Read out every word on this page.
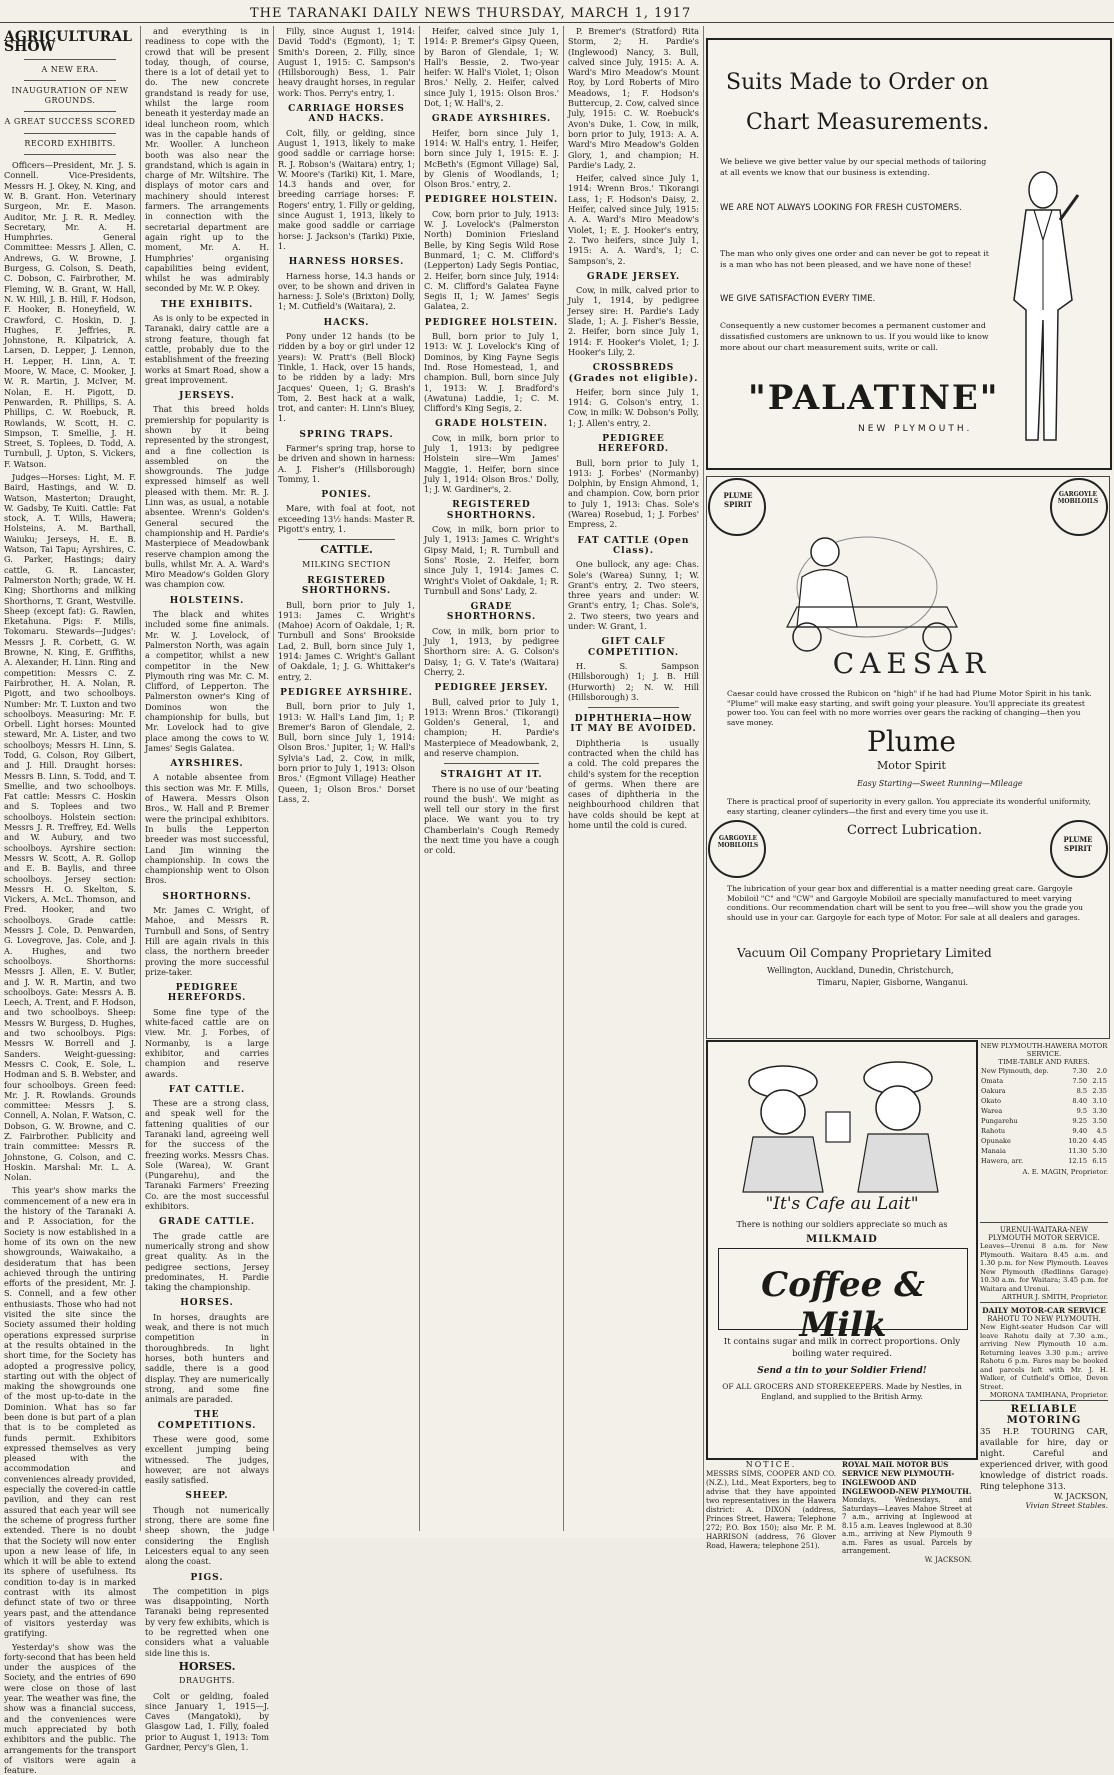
THE TARANAKI DAILY NEWS THURSDAY, MARCH 1, 1917
AGRICULTURAL SHOW
A NEW ERA.
INAUGURATION OF NEW GROUNDS.
A GREAT SUCCESS SCORED
RECORD EXHIBITS.

Officers—President, Mr. J. S. Connell. Vice-Presidents, Messrs H. J. Okey, N. King, and W. B. Grant. Hon. Veterinary Surgeon, Mr. E. Mason. Auditor, Mr. J. R. R. Medley. Secretary, Mr. A. H. Humphries. General Committee: Messrs J. Allen, C. Andrews, G. W. Browne, J. Burgess, G. Colson, S. Death, C. Dobson, C. Fairbrother, M. Fleming, W. B. Grant, W. Hall, N. W. Hill, J. B. Hill, F. Hodson, F. Hooker, B. Honeyfield, W. Crawford, C. Hoskin, D. J. Hughes, F. Jeffries, R. Johnstone, R. Kilpatrick, A. Larsen, D. Lepper, J. Lennon, H. Lepper, H. Linn, A. T. Moore, W. Mace, C. Mooker, J. W. R. Martin, J. McIver, M. Nolan, E. H. Pigott, D. Penwarden, R. Phillips, S. A. Phillips, C. W. Roebuck, R. Rowlands, W. Scott, H. C. Simpson, T. Smellie, J. H. Street, S. Toplees, D. Todd, A. Turnbull, J. Upton, S. Vickers, F. Watson.

Judges—Horses: Light, M. F. Baird, Hastings, and W. D. Watson, Masterton; Draught, W. Gadsby, Te Kuiti. Cattle: Fat stock, A. T. Wills, Hawera; Holsteins, A. M. Barthall, Waiuku; Jerseys, H. E. B. Watson, Tai Tapu; Ayrshires, C. G. Parker, Hastings; dairy cattle, G. R. Lancaster, Palmerston North; grade, W. H. King; Shorthorns and milking Shorthorns, T. Grant, Westville. Sheep (except fat): G. Rawlen, Eketahuna. Pigs: F. Mills, Tokomaru. Stewards—Judges': Messrs J. R. Corbett, G. W. Browne, N. King, E. Griffiths, A. Alexander, H. Linn. Ring and competition: Messrs C. Z. Fairbrother, H. A. Nolan, R. Pigott, and two schoolboys. Number: Mr. T. Luxton and two schoolboys. Measuring: Mr. F. Orbell. Light horses: Mounted steward, Mr. A. Lister, and two schoolboys; Messrs H. Linn, S. Todd, G. Colson, Roy Gilbert, and J. Hill. Draught horses: Messrs B. Linn, S. Todd, and T. Smellie, and two schoolboys. Fat cattle: Messrs C. Hoskin and S. Toplees and two schoolboys. Holstein section: Messrs J. R. Treffrey, Ed. Wells and W. Aubury, and two schoolboys. Ayrshire section: Messrs W. Scott, A. R. Gollop and E. B. Baylis, and three schoolboys. Jersey section: Messrs H. O. Skelton, S. Vickers, A. McL. Thomson, and Fred. Hooker, and two schoolboys. Grade cattle: Messrs J. Cole, D. Penwarden, G. Lovegrove, Jas. Cole, and J. A. Hughes, and two schoolboys. Shorthorns: Messrs J. Allen, E. V. Butler, and J. W. R. Martin, and two schoolboys. Gate: Messrs A. B. Leech, A. Trent, and F. Hodson, and two schoolboys. Sheep: Messrs W. Burgess, D. Hughes, and two schoolboys. Pigs: Messrs W. Borrell and J. Sanders. Weight-guessing: Messrs C. Cook, E. Sole, L. Hodman and S. B. Webster, and four schoolboys. Green feed: Mr. J. R. Rowlands. Grounds committee: Messrs J. S. Connell, A. Nolan, F. Watson, C. Dobson, G. W. Browne, and C. Z. Fairbrother. Publicity and train committee: Messrs R. Johnstone, G. Colson, and C. Hoskin. Marshal: Mr. L. A. Nolan.

This year's show marks the commencement of a new era in the history of the Taranaki A. and P. Association, for the Society is now established in a home of its own on the new showgrounds, Waiwakaiho, a desideratum that has been achieved through the untiring efforts of the president, Mr. J. S. Connell, and a few other enthusiasts. Those who had not visited the site since the Society assumed their holding operations expressed surprise at the results obtained in the short time, for the Society has adopted a progressive policy, starting out with the object of making the showgrounds one of the most up-to-date in the Dominion. What has so far been done is but part of a plan that is to be completed as funds permit. Exhibitors expressed themselves as very pleased with the accommodation and conveniences already provided, especially the covered-in cattle pavilion, and they can rest assured that each year will see the scheme of progress further extended. There is no doubt that the Society will now enter upon a new lease of life, in which it will be able to extend its sphere of usefulness. Its condition to-day is in marked contrast with its almost defunct state of two or three years past, and the attendance of visitors yesterday was gratifying.

Yesterday's show was the forty-second that has been held under the auspices of the Society, and the entries of 690 were close on those of last year. The weather was fine, the show was a financial success, and the conveniences were much appreciated by both exhibitors and the public. The arrangements for the transport of visitors were again a feature.

and everything is in readiness to cope with the crowd that will be present today, though, of course, there is a lot of detail yet to do. The new concrete grandstand is ready for use, whilst the large room beneath it yesterday made an ideal luncheon room, which was in the capable hands of Mr. Wooller. A luncheon booth was also near the grandstand, which is again in charge of Mr. Wiltshire. The displays of motor cars and machinery should interest farmers. The arrangements in connection with the secretarial department are again right up to the moment, Mr. A. H. Humphries' organising capabilities being evident, whilst he was admirably seconded by Mr. W. P. Okey.

THE EXHIBITS.

As is only to be expected in Taranaki, dairy cattle are a strong feature, though fat cattle, probably due to the establishment of the freezing works at Smart Road, show a great improvement.

JERSEYS.

That this breed holds premiership for popularity is shown by it being represented by the strongest, and a fine collection is assembled on the showgrounds. The judge expressed himself as well pleased with them. Mr. R. J. Linn was, as usual, a notable absentee. Wrenn's Golden's General secured the championship and H. Pardie's Masterpiece of Meadowbank reserve champion among the bulls, whilst Mr. A. A. Ward's Miro Meadow's Golden Glory was champion cow.

HOLSTEINS.

The black and whites included some fine animals. Mr. W. J. Lovelock, of Palmerston North, was again a competitor, whilst a new competitor in the New Plymouth ring was Mr. C. M. Clifford, of Lepperton. The Palmerston owner's King of Dominos won the championship for bulls, but Mr. Lovelock had to give place among the cows to W. James' Segis Galatea.

AYRSHIRES.

A notable absentee from this section was Mr. F. Mills, of Hawera. Messrs Olson Bros., W. Hall and P. Bremer were the principal exhibitors. In bulls the Lepperton breeder was most successful, Land Jim winning the championship. In cows the championship went to Olson Bros.

SHORTHORNS.

Mr. James C. Wright, of Mahoe, and Messrs R. Turnbull and Sons, of Sentry Hill are again rivals in this class, the northern breeder proving the more successful prize-taker.

PEDIGREE HEREFORDS.

Some fine type of the white-faced cattle are on view. Mr. J. Forbes, of Normanby, is a large exhibitor, and carries champion and reserve awards.

FAT CATTLE.

These are a strong class, and speak well for the fattening qualities of our Taranaki land, agreeing well for the success of the freezing works. Messrs Chas. Sole (Warea), W. Grant (Pungarehu), and the Taranaki Farmers' Freezing Co. are the most successful exhibitors.

GRADE CATTLE.

The grade cattle are numerically strong and show great quality. As in the pedigree sections, Jersey predominates, H. Pardie taking the championship.

HORSES.

In horses, draughts are weak, and there is not much competition in thoroughbreds. In light horses, both hunters and saddle, there is a good display. They are numerically strong, and some fine animals are paraded.

THE COMPETITIONS.

These were good, some excellent jumping being witnessed. The judges, however, are not always easily satisfied.

SHEEP.

Though not numerically strong, there are some fine sheep shown, the judge considering the English Leicesters equal to any seen along the coast.

PIGS.

The competition in pigs was disappointing, North Taranaki being represented by very few exhibits, which is to be regretted when one considers what a valuable side line this is.

HORSES.
DRAUGHTS.

Colt or gelding, foaled since January 1, 1915—J. Caves (Mangatoki), by Glasgow Lad, 1. Filly, foaled prior to August 1, 1913: Tom Gardner, Percy's Glen, 1.

Filly, since August 1, 1914: David Todd's (Egmont), 1; T. Smith's Doreen, 2. Filly, since August 1, 1915: C. Sampson's (Hillsborough) Bess, 1. Pair heavy draught horses, in regular work: Thos. Perry's entry, 1.

CARRIAGE HORSES AND HACKS.

Colt, filly, or gelding, since August 1, 1913, likely to make good saddle or carriage horse: R. J. Robson's (Waitara) entry, 1; W. Moore's (Tariki) Kit, 1. Mare, 14.3 hands and over, for breeding carriage horses: F. Rogers' entry, 1. Filly or gelding, since August 1, 1913, likely to make good saddle or carriage horse: J. Jackson's (Tariki) Pixie, 1.

HARNESS HORSES.

Harness horse, 14.3 hands or over, to be shown and driven in harness: J. Sole's (Brixton) Dolly, 1; M. Cutfield's (Waitara), 2.

HACKS.

Pony under 12 hands (to be ridden by a boy or girl under 12 years): W. Pratt's (Bell Block) Tinkle, 1. Hack, over 15 hands, to be ridden by a lady: Mrs Jacques' Queen, 1; G. Brash's Tom, 2. Best hack at a walk, trot, and canter: H. Linn's Bluey, 1.

SPRING TRAPS.

Farmer's spring trap, horse to be driven and shown in harness: A. J. Fisher's (Hillsborough) Tommy, 1.

PONIES.

Mare, with foal at foot, not exceeding 13½ hands: Master R. Pigott's entry, 1.

CATTLE.
MILKING SECTION
REGISTERED SHORTHORNS.

Bull, born prior to July 1, 1913: James C. Wright's (Mahoe) Acorn of Oakdale, 1; R. Turnbull and Sons' Brookside Lad, 2. Bull, born since July 1, 1914: James C. Wright's Gallant of Oakdale, 1; J. G. Whittaker's entry, 2.

PEDIGREE AYRSHIRE.

Bull, born prior to July 1, 1913: W. Hall's Land Jim, 1; P. Bremer's Baron of Glendale, 2. Bull, born since July 1, 1914: Olson Bros.' Jupiter, 1; W. Hall's Sylvia's Lad, 2. Cow, in milk, born prior to July 1, 1913: Olson Bros.' (Egmont Village) Heather Queen, 1; Olson Bros.' Dorset Lass, 2.

Heifer, calved since July 1, 1914: P. Bremer's Gipsy Queen, by Baron of Glendale, 1; W. Hall's Bessie, 2. Two-year heifer: W. Hall's Violet, 1; Olson Bros.' Nelly, 2. Heifer, calved since July 1, 1915: Olson Bros.' Dot, 1; W. Hall's, 2.

GRADE AYRSHIRES.

Heifer, born since July 1, 1914: W. Hall's entry, 1. Heifer, born since July 1, 1915: E. J. McBeth's (Egmont Village) Sal, by Glenis of Woodlands, 1; Olson Bros.' entry, 2.

PEDIGREE HOLSTEIN.

Cow, born prior to July, 1913: W. J. Lovelock's (Palmerston North) Dominion Friesland Belle, by King Segis Wild Rose Bunmard, 1; C. M. Clifford's (Lepperton) Lady Segis Pontiac, 2. Heifer, born since July, 1914: C. M. Clifford's Galatea Fayne Segis II, 1; W. James' Segis Galatea, 2.

PEDIGREE HOLSTEIN.

Bull, born prior to July 1, 1913: W. J. Lovelock's King of Dominos, by King Fayne Segis Ind. Rose Homestead, 1, and champion. Bull, born since July 1, 1913: W. J. Bradford's (Awatuna) Laddie, 1; C. M. Clifford's King Segis, 2.

GRADE HOLSTEIN.

Cow, in milk, born prior to July 1, 1913: by pedigree Holstein sire—Wm James' Maggie, 1. Heifer, born since July 1, 1914: Olson Bros.' Dolly, 1; J. W. Gardiner's, 2.

REGISTERED SHORTHORNS.

Cow, in milk, born prior to July 1, 1913: James C. Wright's Gipsy Maid, 1; R. Turnbull and Sons' Rosie, 2. Heifer, born since July 1, 1914: James C. Wright's Violet of Oakdale, 1; R. Turnbull and Sons' Lady, 2.

GRADE SHORTHORNS.

Cow, in milk, born prior to July 1, 1913, by pedigree Shorthorn sire: A. G. Colson's Daisy, 1; G. V. Tate's (Waitara) Cherry, 2.

PEDIGREE JERSEY.

Bull, calved prior to July 1, 1913: Wrenn Bros.' (Tikorangi) Golden's General, 1, and champion; H. Pardie's Masterpiece of Meadowbank, 2, and reserve champion.

STRAIGHT AT IT.

There is no use of our 'beating round the bush'. We might as well tell our story in the first place. We want you to try Chamberlain's Cough Remedy the next time you have a cough or cold.

P. Bremer's (Stratford) Rita Storm, 2; H. Pardie's (Inglewood) Nancy, 3. Bull, calved since July, 1915: A. A. Ward's Miro Meadow's Mount Roy, by Lord Roberts of Miro Meadows, 1; F. Hodson's Buttercup, 2. Cow, calved since July, 1915: C. W. Roebuck's Avon's Duke, 1. Cow, in milk, born prior to July, 1913: A. A. Ward's Miro Meadow's Golden Glory, 1, and champion; H. Pardie's Lady, 2.

Heifer, calved since July 1, 1914: Wrenn Bros.' Tikorangi Lass, 1; F. Hodson's Daisy, 2. Heifer, calved since July, 1915: A. A. Ward's Miro Meadow's Violet, 1; E. J. Hooker's entry, 2. Two heifers, since July 1, 1915: A. A. Ward's, 1; C. Sampson's, 2.

GRADE JERSEY.

Cow, in milk, calved prior to July 1, 1914, by pedigree Jersey sire: H. Pardie's Lady Slade, 1; A. J. Fisher's Bessie, 2. Heifer, born since July 1, 1914: F. Hooker's Violet, 1; J. Hooker's Lily, 2.

CROSSBREDS (Grades not eligible).

Heifer, born since July 1, 1914: G. Colson's entry, 1. Cow, in milk: W. Dobson's Polly, 1; J. Allen's entry, 2.

PEDIGREE HEREFORD.

Bull, born prior to July 1, 1913: J. Forbes' (Normanby) Dolphin, by Ensign Ahmond, 1, and champion. Cow, born prior to July 1, 1913: Chas. Sole's (Warea) Rosebud, 1; J. Forbes' Empress, 2.

FAT CATTLE (Open Class).

One bullock, any age: Chas. Sole's (Warea) Sunny, 1; W. Grant's entry, 2. Two steers, three years and under: W. Grant's entry, 1; Chas. Sole's, 2. Two steers, two years and under: W. Grant, 1.

GIFT CALF COMPETITION.

H. S. Sampson (Hillsborough) 1; J. B. Hill (Hurworth) 2; N. W. Hill (Hillsborough) 3.

DIPHTHERIA—HOW IT MAY BE AVOIDED.

Diphtheria is usually contracted when the child has a cold. The cold prepares the child's system for the reception of germs. When there are cases of diphtheria in the neighbourhood children that have colds should be kept at home until the cold is cured.

Suits Made to Order on
Chart Measurements.
We believe we give better value by our special methods of tailoring at all events we know that our business is extending.
WE ARE NOT ALWAYS LOOKING FOR FRESH CUSTOMERS.
The man who only gives one order and can never be got to repeat it is a man who has not been pleased, and we have none of these!
WE GIVE SATISFACTION EVERY TIME.
Consequently a new customer becomes a permanent customer and dissatisfied customers are unknown to us. If you would like to know more about our chart measurement suits, write or call.
"PALATINE"
NEW PLYMOUTH.
PLUME SPIRIT
GARGOYLE MOBILOILS
GARGOYLE MOBILOILS
PLUME SPIRIT
CAESAR
Caesar could have crossed the Rubicon on "high" if he had had Plume Motor Spirit in his tank. "Plume" will make easy starting, and swift going your pleasure. You'll appreciate its greatest power too. You can feel with no more worries over gears the racking of changing—then you save money.
Plume
Motor Spirit
Easy Starting—Sweet Running—Mileage
There is practical proof of superiority in every gallon. You appreciate its wonderful uniformity, easy starting, cleaner cylinders—the first and every time you use it.
Correct Lubrication.
The lubrication of your gear box and differential is a matter needing great care. Gargoyle Mobiloil "C" and "CW" and Gargoyle Mobiloil are specially manufactured to meet varying conditions. Our recommendation chart will be sent to you free—will show you the grade you should use in your car. Gargoyle for each type of Motor. For sale at all dealers and garages.
Vacuum Oil Company Proprietary Limited
Wellington, Auckland, Dunedin, Christchurch,
Timaru, Napier, Gisborne, Wanganui.
"It's Cafe au Lait"
There is nothing our soldiers appreciate so much as
MILKMAID
Coffee & Milk
It contains sugar and milk in correct proportions. Only boiling water required.
Send a tin to your Soldier Friend!
OF ALL GROCERS AND STOREKEEPERS. Made by Nestles, in England, and supplied to the British Army.
NOTICE.
MESSRS SIMS, COOPER AND CO. (N.Z.), Ltd., Meat Exporters, beg to advise that they have appointed two representatives in the Hawera district: A. DIXON (address, Princes Street, Hawera; Telephone 272; P.O. Box 150); also Mr. P. M. HARRISON (address, 76 Glover Road, Hawera; telephone 251).
ROYAL MAIL MOTOR BUS SERVICE NEW PLYMOUTH-INGLEWOOD AND INGLEWOOD-NEW PLYMOUTH.
Mondays, Wednesdays, and Saturdays—Leaves Mahoe Street at 7 a.m., arriving at Inglewood at 8.15 a.m. Leaves Inglewood at 8.30 a.m., arriving at New Plymouth 9 a.m. Fares as usual. Parcels by arrangement.
W. JACKSON.
NEW PLYMOUTH-HAWERA MOTOR SERVICE.
TIME-TABLE AND FARES.
New Plymouth, dep.	7.30	2.0
Omata	7.50	2.15
Oakura	8.5	2.35
Okato	8.40	3.10
Warea	9.5	3.30
Pungarehu	9.25	3.50
Rahotu	9.40	4.5
Opunake	10.20	4.45
Manaia	11.30	5.30
Hawera, arr.	12.15	6.15
A. E. MAGIN, Proprietor.
URENUI-WAITARA-NEW PLYMOUTH MOTOR SERVICE.
Leaves—Urenui 8 a.m. for New Plymouth. Waitara 8.45 a.m. and 1.30 p.m. for New Plymouth. Leaves New Plymouth (Redlinns Garage) 10.30 a.m. for Waitara; 3.45 p.m. for Waitara and Urenui.
ARTHUR J. SMITH, Proprietor.
DAILY MOTOR-CAR SERVICE
RAHOTU TO NEW PLYMOUTH.
New Eight-seater Hudson Car will leave Rahotu daily at 7.30 a.m., arriving New Plymouth 10 a.m. Returning leaves 3.30 p.m.; arrive Rahotu 6 p.m. Fares may be booked and parcels left with Mr. J. H. Walker, of Cutfield's Office, Devon Street.
MORONA TAMIHANA, Proprietor.
RELIABLE MOTORING
35 H.P. TOURING CAR, available for hire, day or night. Careful and experienced driver, with good knowledge of district roads. Ring telephone 313.
W. JACKSON,
Vivian Street Stables.
